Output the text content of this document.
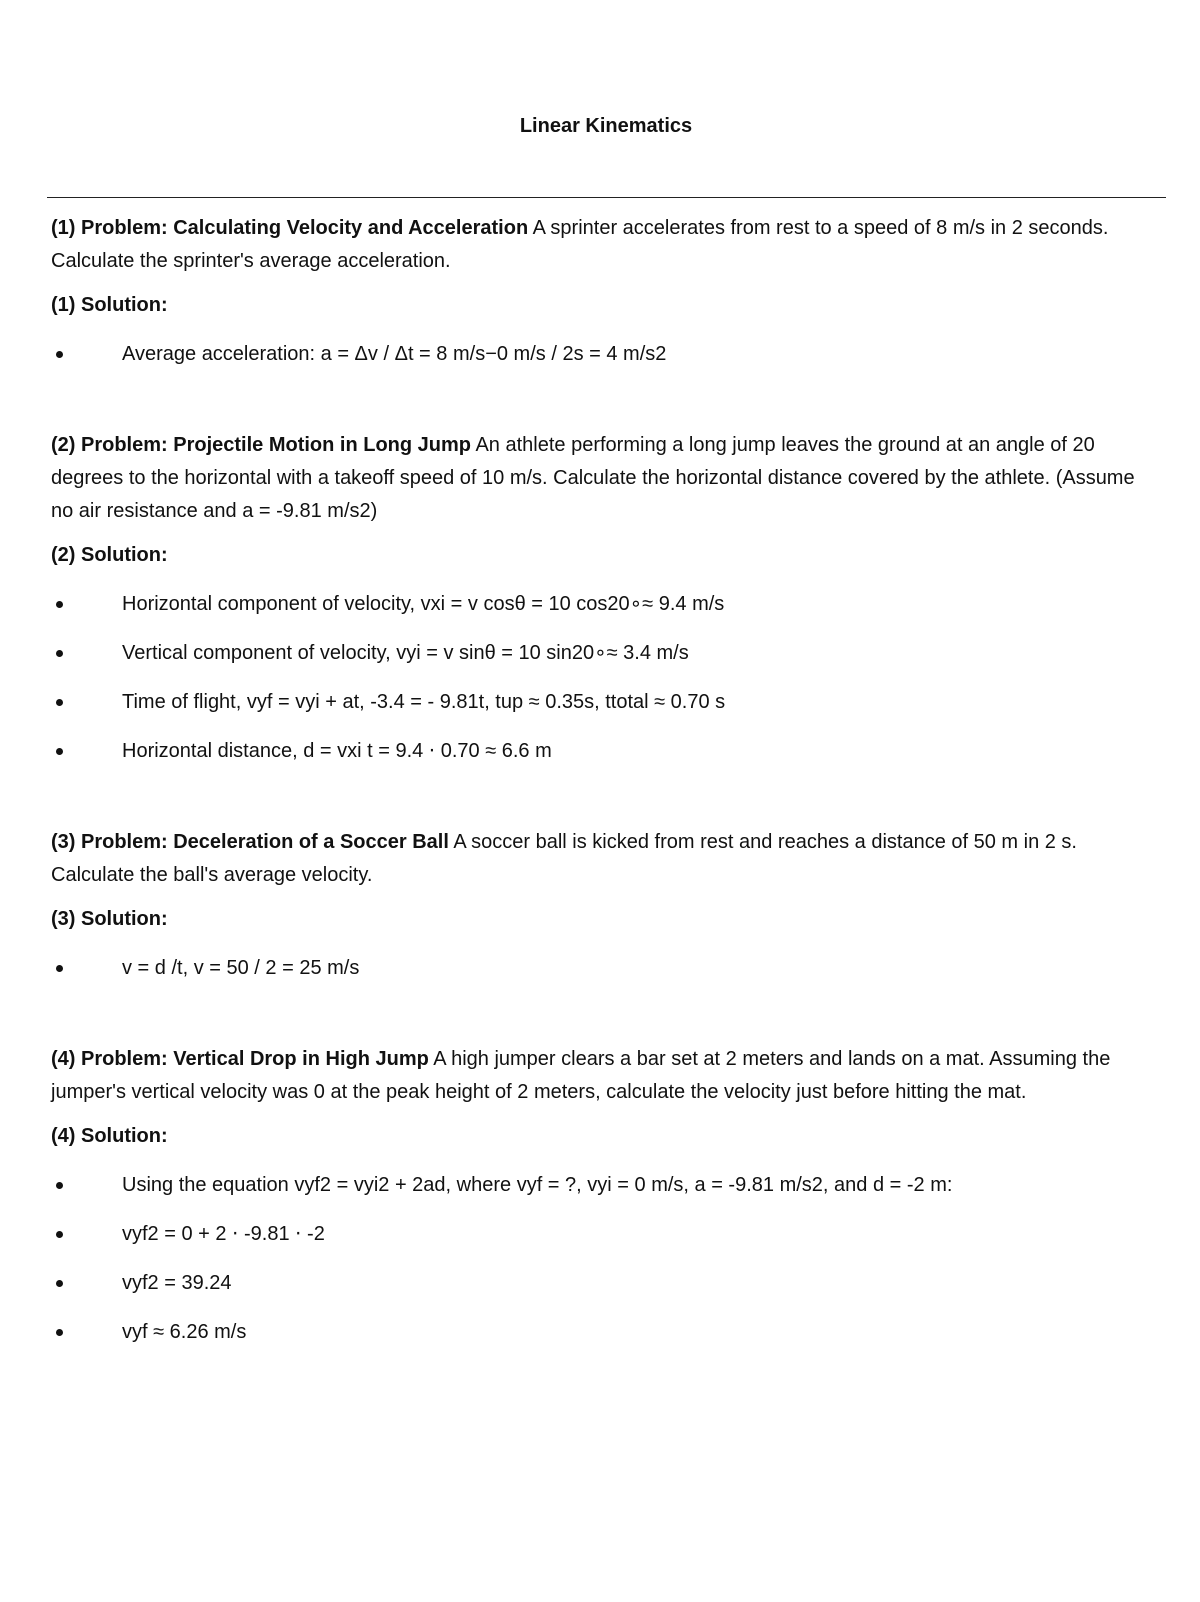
Linear Kinematics

(1) Problem: Calculating Velocity and Acceleration A sprinter accelerates from rest to a speed of 8 m/s in 2 seconds. Calculate the sprinter's average acceleration.

(1) Solution:
Average acceleration: a = Δv / Δt = 8 m/s−0 m/s / 2s = 4 m/s2

(2) Problem: Projectile Motion in Long Jump An athlete performing a long jump leaves the ground at an angle of 20 degrees to the horizontal with a takeoff speed of 10 m/s. Calculate the horizontal distance covered by the athlete. (Assume no air resistance and a = -9.81 m/s2)

(2) Solution:
Horizontal component of velocity, vxi = v cosθ = 10 cos20∘≈ 9.4 m/s
Vertical component of velocity, vyi = v sinθ = 10 sin20∘≈ 3.4 m/s
Time of flight, vyf = vyi + at, -3.4 = - 9.81t, tup ≈ 0.35s, ttotal ≈ 0.70 s
Horizontal distance, d = vxi t = 9.4 ⋅ 0.70 ≈ 6.6 m

(3) Problem: Deceleration of a Soccer Ball A soccer ball is kicked from rest and reaches a distance of 50 m in 2 s. Calculate the ball's average velocity.

(3) Solution:
v = d /t, v = 50 / 2 = 25 m/s

(4) Problem: Vertical Drop in High Jump A high jumper clears a bar set at 2 meters and lands on a mat. Assuming the jumper's vertical velocity was 0 at the peak height of 2 meters, calculate the velocity just before hitting the mat.

(4) Solution:
Using the equation vyf2 = vyi2 + 2ad, where vyf = ?, vyi = 0 m/s, a = -9.81 m/s2, and d = -2 m:
vyf2 = 0 + 2 ⋅ -9.81 ⋅ -2
vyf2 = 39.24
vyf ≈ 6.26 m/s
